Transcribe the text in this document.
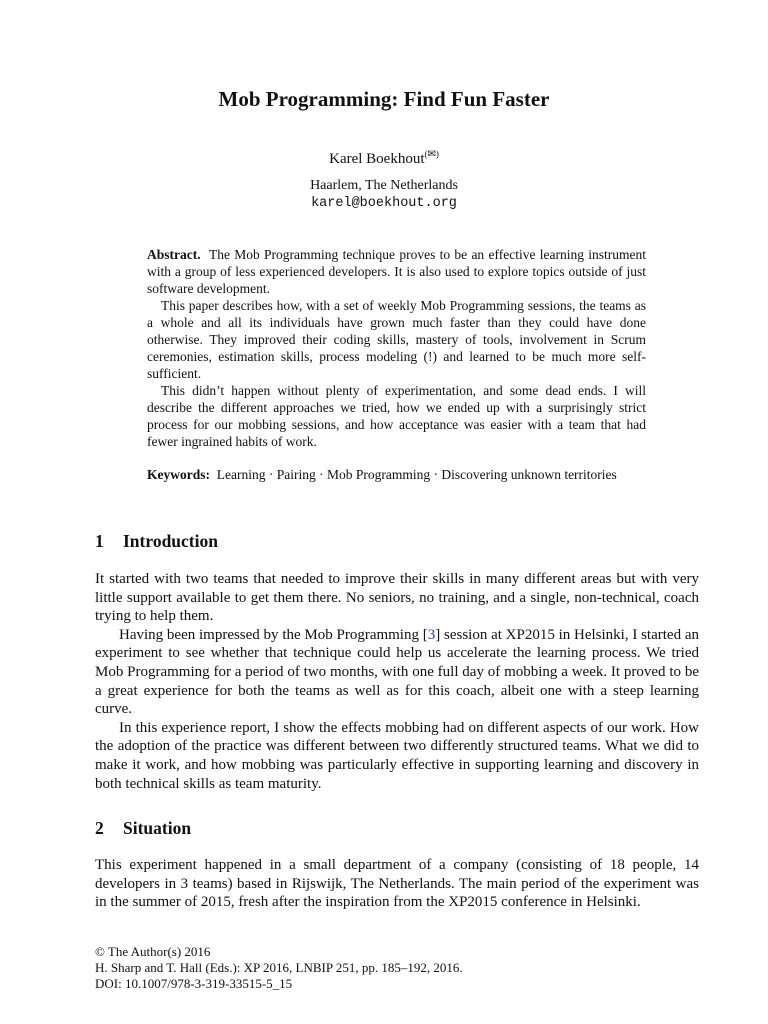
Mob Programming: Find Fun Faster
Karel Boekhout(✉)
Haarlem, The Netherlands
karel@boekhout.org

Abstract. The Mob Programming technique proves to be an effective learning instrument with a group of less experienced developers. It is also used to explore topics outside of just software development.

This paper describes how, with a set of weekly Mob Programming sessions, the teams as a whole and all its individuals have grown much faster than they could have done otherwise. They improved their coding skills, mastery of tools, involvement in Scrum ceremonies, estimation skills, process modeling (!) and learned to be much more self-sufficient.

This didn’t happen without plenty of experimentation, and some dead ends. I will describe the different approaches we tried, how we ended up with a surprisingly strict process for our mobbing sessions, and how acceptance was easier with a team that had fewer ingrained habits of work.

Keywords: Learning · Pairing · Mob Programming · Discovering unknown territories
1 Introduction

It started with two teams that needed to improve their skills in many different areas but with very little support available to get them there. No seniors, no training, and a single, non-technical, coach trying to help them.

Having been impressed by the Mob Programming [3] session at XP2015 in Helsinki, I started an experiment to see whether that technique could help us accelerate the learning process. We tried Mob Programming for a period of two months, with one full day of mobbing a week. It proved to be a great experience for both the teams as well as for this coach, albeit one with a steep learning curve.

In this experience report, I show the effects mobbing had on different aspects of our work. How the adoption of the practice was different between two differently structured teams. What we did to make it work, and how mobbing was particularly effective in supporting learning and discovery in both technical skills as team maturity.

2 Situation

This experiment happened in a small department of a company (consisting of 18 people, 14 developers in 3 teams) based in Rijswijk, The Netherlands. The main period of the experiment was in the summer of 2015, fresh after the inspiration from the XP2015 conference in Helsinki.

© The Author(s) 2016
H. Sharp and T. Hall (Eds.): XP 2016, LNBIP 251, pp. 185–192, 2016.
DOI: 10.1007/978-3-319-33515-5_15
